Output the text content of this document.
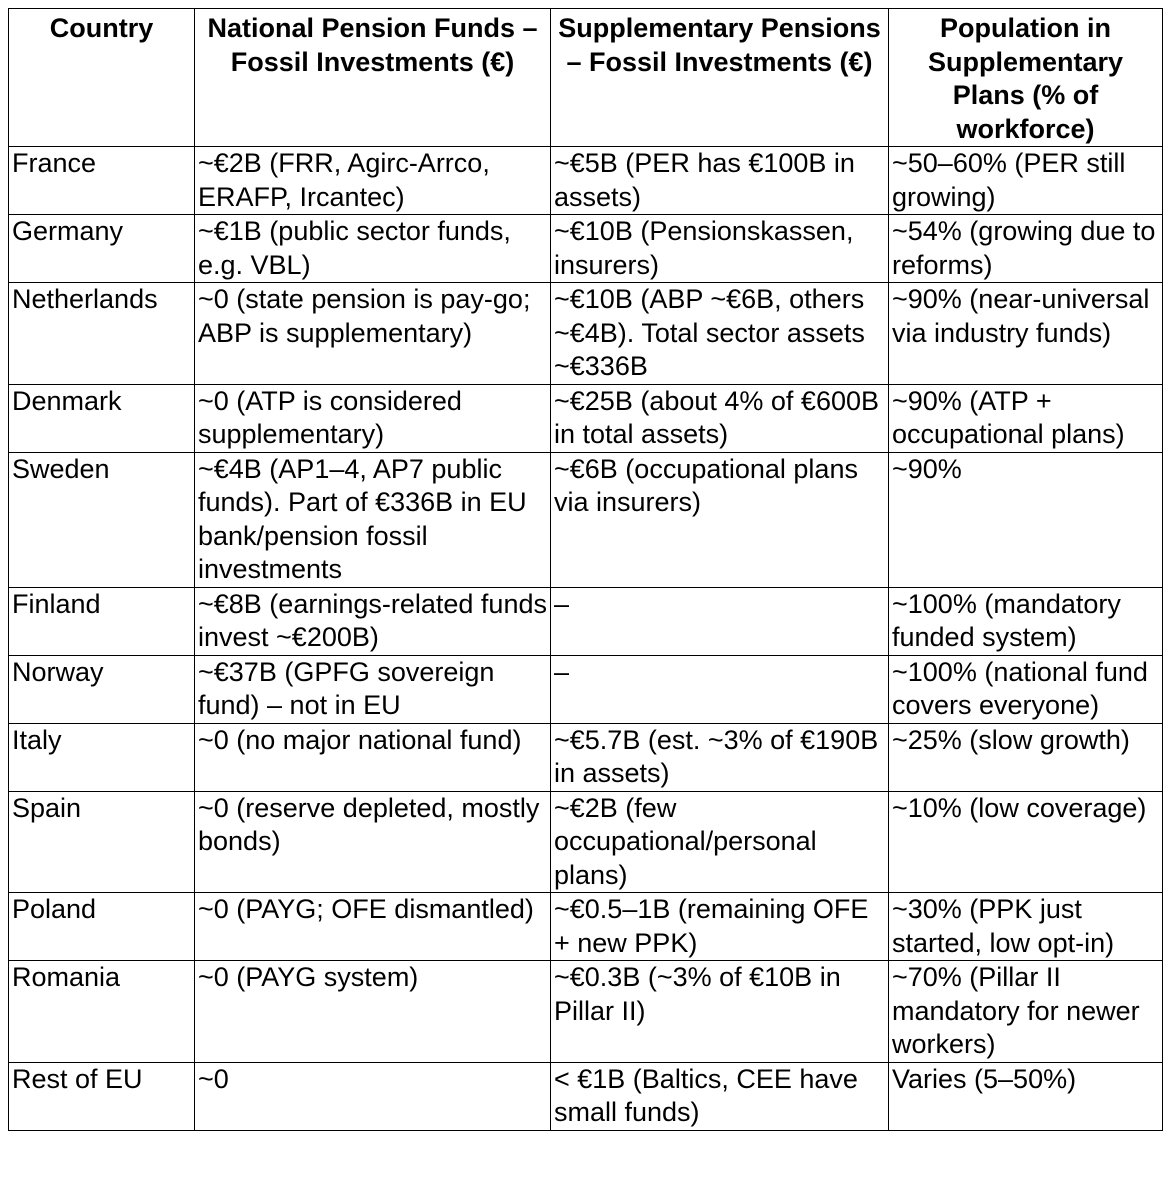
Country	National Pension Funds – Fossil Investments (€)	Supplementary Pensions – Fossil Investments (€)	Population in Supplementary Plans (% of workforce)
France	~€2B (FRR, Agirc-Arrco, ERAFP, Ircantec)	~€5B (PER has €100B in assets)	~50–60% (PER still growing)
Germany	~€1B (public sector funds, e.g. VBL)	~€10B (Pensionskassen, insurers)	~54% (growing due to reforms)
Netherlands	~0 (state pension is pay-go; ABP is supplementary)	~€10B (ABP ~€6B, others ~€4B). Total sector assets ~€336B	~90% (near-universal via industry funds)
Denmark	~0 (ATP is considered supplementary)	~€25B (about 4% of €600B in total assets)	~90% (ATP + occupational plans)
Sweden	~€4B (AP1–4, AP7 public funds). Part of €336B in EU bank/pension fossil investments	~€6B (occupational plans via insurers)	~90%
Finland	~€8B (earnings-related funds invest ~€200B)	–	~100% (mandatory funded system)
Norway	~€37B (GPFG sovereign fund) – not in EU	–	~100% (national fund covers everyone)
Italy	~0 (no major national fund)	~€5.7B (est. ~3% of €190B in assets)	~25% (slow growth)
Spain	~0 (reserve depleted, mostly bonds)	~€2B (few occupational/personal plans)	~10% (low coverage)
Poland	~0 (PAYG; OFE dismantled)	~€0.5–1B (remaining OFE + new PPK)	~30% (PPK just started, low opt-in)
Romania	~0 (PAYG system)	~€0.3B (~3% of €10B in Pillar II)	~70% (Pillar II mandatory for newer workers)
Rest of EU	~0	< €1B (Baltics, CEE have small funds)	Varies (5–50%)
